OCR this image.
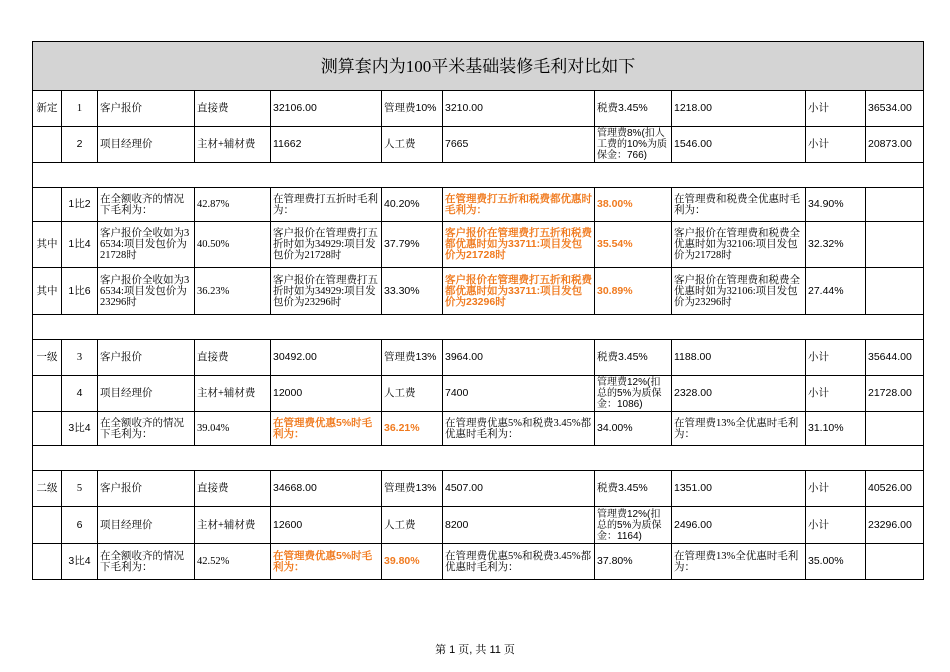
测算套内为100平米基础装修毛利对比如下										
新定	1	客户报价	直接费	32106.00	管理费10%	3210.00	税费3.45%	1218.00	小计	36534.00
	2	项目经理价	主材+辅材费	11662	人工费	7665	管理费8%(扣人工费的10%为质保金：766)	1546.00	小计	20873.00

	1比2	在全额收齐的情况下毛利为：	42.87%	在管理费打五折时毛利为：	40.20%	在管理费打五折和税费都优惠时毛利为：	38.00%	在管理费和税费全优惠时毛利为：	34.90%	
其中	1比4	客户报价全收如为36534:项目发包价为21728时	40.50%	客户报价在管理费打五折时如为34929:项目发包价为21728时	37.79%	客户报价在管理费打五折和税费都优惠时如为33711:项目发包价为21728时	35.54%	客户报价在管理费和税费全优惠时如为32106:项目发包价为21728时	32.32%	
其中	1比6	客户报价全收如为36534:项目发包价为23296时	36.23%	客户报价在管理费打五折时如为34929:项目发包价为23296时	33.30%	客户报价在管理费打五折和税费都优惠时如为33711:项目发包价为23296时	30.89%	客户报价在管理费和税费全优惠时如为32106:项目发包价为23296时	27.44%	

一级	3	客户报价	直接费	30492.00	管理费13%	3964.00	税费3.45%	1188.00	小计	35644.00
	4	项目经理价	主材+辅材费	12000	人工费	7400	管理费12%(扣总的5%为质保金：1086)	2328.00	小计	21728.00
	3比4	在全额收齐的情况下毛利为：	39.04%	在管理费优惠5%时毛利为：	36.21%	在管理费优惠5%和税费3.45%都优惠时毛利为：	34.00%	在管理费13%全优惠时毛利为：	31.10%	

二级	5	客户报价	直接费	34668.00	管理费13%	4507.00	税费3.45%	1351.00	小计	40526.00
	6	项目经理价	主材+辅材费	12600	人工费	8200	管理费12%(扣总的5%为质保金：1164)	2496.00	小计	23296.00
	3比4	在全额收齐的情况下毛利为：	42.52%	在管理费优惠5%时毛利为：	39.80%	在管理费优惠5%和税费3.45%都优惠时毛利为：	37.80%	在管理费13%全优惠时毛利为：	35.00%	
第 1 页, 共 11 页
